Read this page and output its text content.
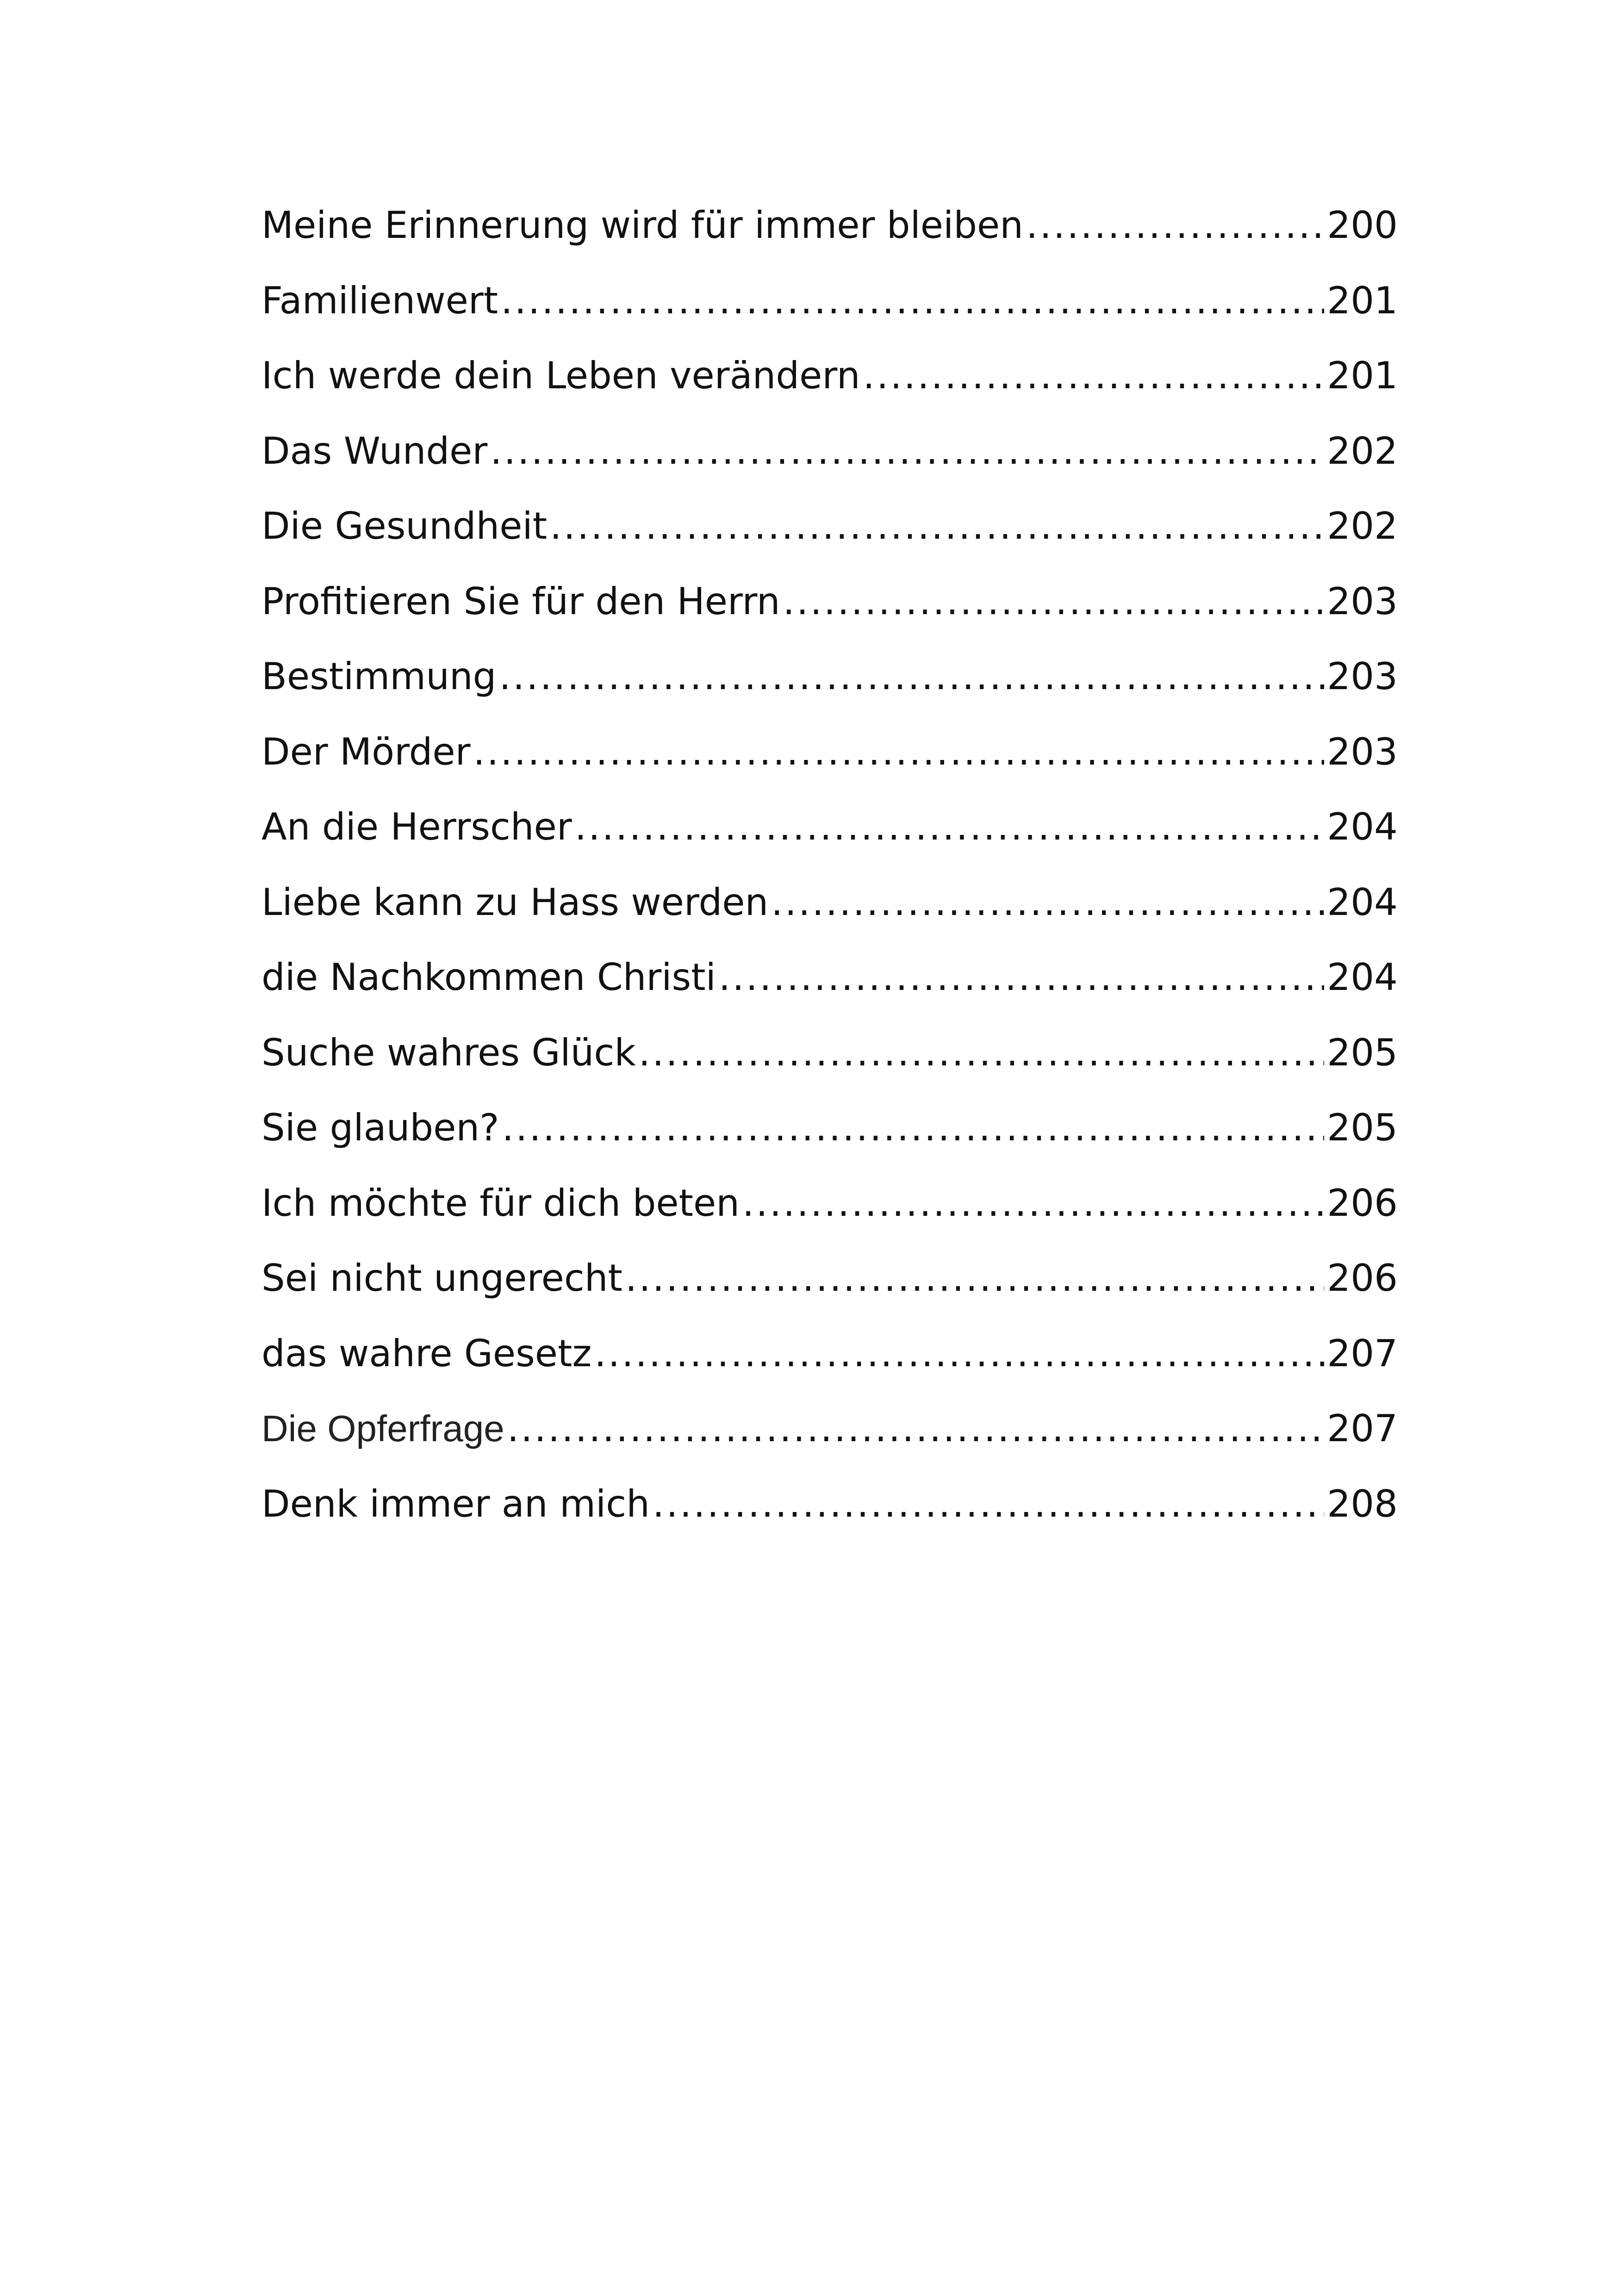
Meine Erinnerung wird für immer bleiben .....	200
Familienwert .....	201
Ich werde dein Leben verändern .....	201
Das Wunder .....	202
Die Gesundheit .....	202
Profitieren Sie für den Herrn .....	203
Bestimmung .....	203
Der Mörder .....	203
An die Herrscher .....	204
Liebe kann zu Hass werden .....	204
die Nachkommen Christi .....	204
Suche wahres Glück .....	205
Sie glauben? .....	205
Ich möchte für dich beten .....	206
Sei nicht ungerecht .....	206
das wahre Gesetz .....	207
Die Opferfrage .....	207
Denk immer an mich .....	208
